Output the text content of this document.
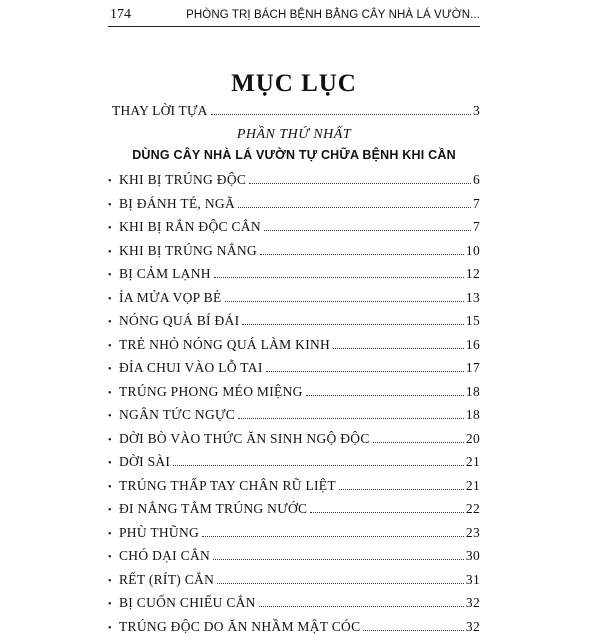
174	PHÒNG TRỊ BÁCH BỆNH BẰNG CÂY NHÀ LÁ VƯỜN...
MỤC LỤC
THAY LỜI TỰA	3
PHẦN THỨ NHẤT
DÙNG CÂY NHÀ LÁ VƯỜN TỰ CHỮA BỆNH KHI CẦN
• KHI BỊ TRÚNG ĐỘC	6
• BỊ ĐÁNH TÉ, NGÃ	7
• KHI BỊ RẮN ĐỘC CẮN	7
• KHI BỊ TRÚNG NẮNG	10
• BỊ CẢM LẠNH	12
• ỈA MỬA VỌP BẺ	13
• NÓNG QUÁ BÍ ĐÁI	15
• TRẺ NHỎ NÓNG QUÁ LÀM KINH	16
• ĐỈA CHUI VÀO LỖ TAI	17
• TRÚNG PHONG MÉO MIỆNG	18
• NGÂN TỨC NGỰC	18
• DỜI BÒ VÀO THỨC ĂN SINH NGỘ ĐỘC	20
• DỜI SÀI	21
• TRÚNG THẤP TAY CHÂN RŨ LIỆT	21
• ĐI NẮNG TẮM TRÚNG NƯỚC	22
• PHÙ THŨNG	23
• CHÓ DẠI CẮN	30
• RẾT (RÍT) CẮN	31
• BỊ CUỐN CHIẾU CẮN	32
• TRÚNG ĐỘC DO ĂN NHẦM MẬT CÓC	32
